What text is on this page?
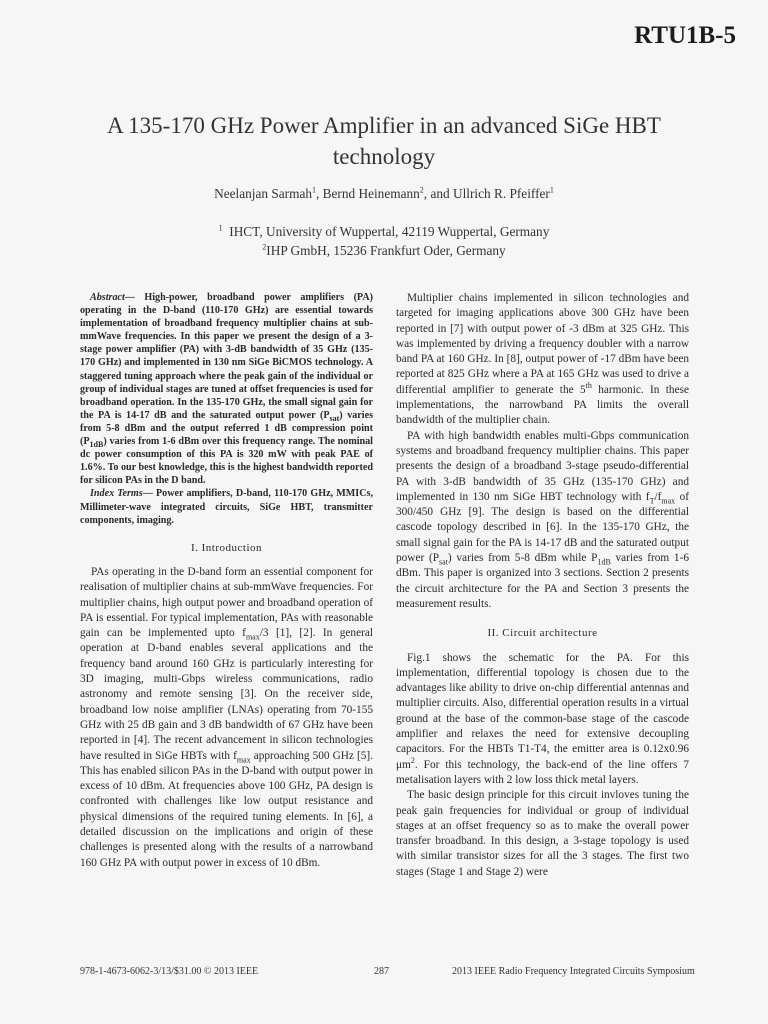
RTU1B-5
A 135-170 GHz Power Amplifier in an advanced SiGe HBT technology
Neelanjan Sarmah$^1$, Bernd Heinemann$^2$, and Ullrich R. Pfeiffer$^1$
$^1$ IHCT, University of Wuppertal, 42119 Wuppertal, Germany
$^2$IHP GmbH, 15236 Frankfurt Oder, Germany

Abstract— High-power, broadband power amplifiers (PA) operating in the D-band (110-170 GHz) are essential towards implementation of broadband frequency multiplier chains at sub-mmWave frequencies. In this paper we present the design of a 3-stage power amplifier (PA) with 3-dB bandwidth of 35 GHz (135-170 GHz) and implemented in 130 nm SiGe BiCMOS technology. A staggered tuning approach where the peak gain of the individual or group of individual stages are tuned at offset frequencies is used for broadband operation. In the 135-170 GHz, the small signal gain for the PA is 14-17 dB and the saturated output power $(P_{sat})$ varies from 5-8 dBm and the output referred 1 dB compression point $(P_{1dB})$ varies from 1-6 dBm over this frequency range. The nominal dc power consumption of this PA is 320 mW with peak PAE of 1.6%. To our best knowledge, this is the highest bandwidth reported for silicon PAs in the D band.

Index Terms— Power amplifiers, D-band, 110-170 GHz, MMICs, Millimeter-wave integrated circuits, SiGe HBT, transmitter components, imaging.

I. Introduction

PAs operating in the D-band form an essential component for realisation of multiplier chains at sub-mmWave frequencies. For multiplier chains, high output power and broadband operation of PA is essential. For typical implementation, PAs with reasonable gain can be implemented upto $f_{max}/3$ [1], [2]. In general operation at D-band enables several applications and the frequency band around 160 GHz is particularly interesting for 3D imaging, multi-Gbps wireless communications, radio astronomy and remote sensing [3]. On the receiver side, broadband low noise amplifier (LNAs) operating from 70-155 GHz with 25 dB gain and 3 dB bandwidth of 67 GHz have been reported in [4]. The recent advancement in silicon technologies have resulted in SiGe HBTs with $f_{max}$ approaching 500 GHz [5]. This has enabled silicon PAs in the D-band with output power in excess of 10 dBm. At frequencies above 100 GHz, PA design is confronted with challenges like low output resistance and physical dimensions of the required tuning elements. In [6], a detailed discussion on the implications and origin of these challenges is presented along with the results of a narrowband 160 GHz PA with output power in excess of 10 dBm.

Multiplier chains implemented in silicon technologies and targeted for imaging applications above 300 GHz have been reported in [7] with output power of -3 dBm at 325 GHz. This was implemented by driving a frequency doubler with a narrow band PA at 160 GHz. In [8], output power of -17 dBm have been reported at 825 GHz where a PA at 165 GHz was used to drive a differential amplifier to generate the 5th harmonic. In these implementations, the narrowband PA limits the overall bandwidth of the multiplier chain.

PA with high bandwidth enables multi-Gbps communication systems and broadband frequency multiplier chains. This paper presents the design of a broadband 3-stage pseudo-differential PA with 3-dB bandwidth of 35 GHz (135-170 GHz) and implemented in 130 nm SiGe HBT technology with $f_T/f_{max}$ of 300/450 GHz [9]. The design is based on the differential cascode topology described in [6]. In the 135-170 GHz, the small signal gain for the PA is 14-17 dB and the saturated output power $(P_{sat})$ varies from 5-8 dBm while $P_{1dB}$ varies from 1-6 dBm. This paper is organized into 3 sections. Section 2 presents the circuit architecture for the PA and Section 3 presents the measurement results.

II. Circuit architecture

Fig.1 shows the schematic for the PA. For this implementation, differential topology is chosen due to the advantages like ability to drive on-chip differential antennas and multiplier circuits. Also, differential operation results in a virtual ground at the base of the common-base stage of the cascode amplifier and relaxes the need for extensive decoupling capacitors. For the HBTs T1-T4, the emitter area is 0.12x0.96 $\mu m^2$. For this technology, the back-end of the line offers 7 metalisation layers with 2 low loss thick metal layers.

The basic design principle for this circuit invloves tuning the peak gain frequencies for individual or group of individual stages at an offset frequency so as to make the overall power transfer broadband. In this design, a 3-stage topology is used with similar transistor sizes for all the 3 stages. The first two stages (Stage 1 and Stage 2) were

978-1-4673-6062-3/13/$31.00 © 2013 IEEE	287	2013 IEEE Radio Frequency Integrated Circuits Symposium
